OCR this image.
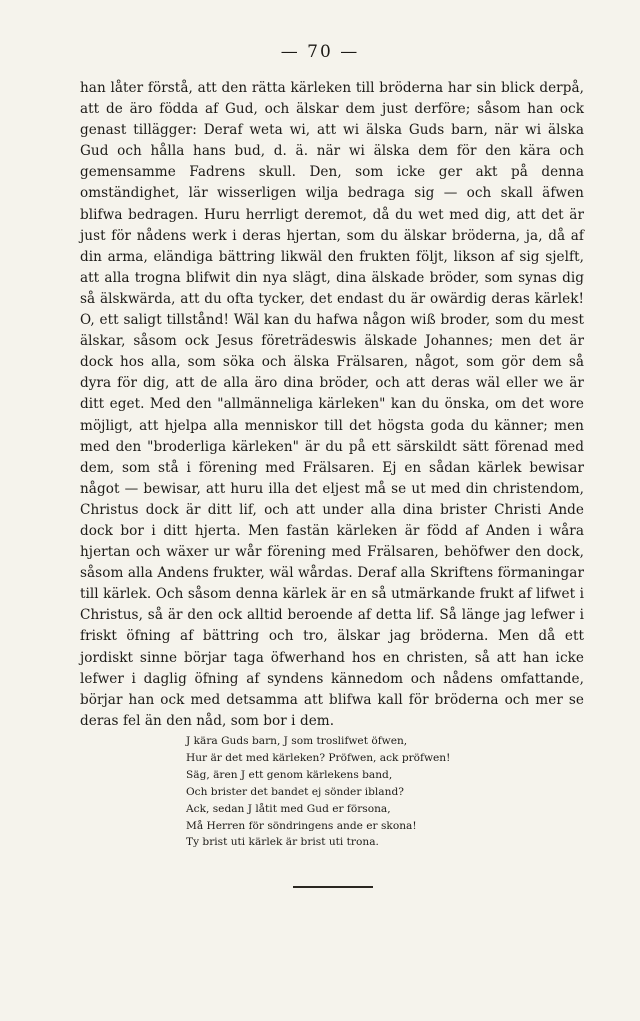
— 70 —

han låter förstå, att den rätta kärleken till bröderna har sin blick derpå, att de äro födda af Gud, och älskar dem just derföre; såsom han ock genast tillägger: Deraf weta wi, att wi älska Guds barn, när wi älska Gud och hålla hans bud, d. ä. när wi älska dem för den kära och gemensamme Fadrens skull. Den, som icke ger akt på denna omständighet, lär wisserligen wilja bedraga sig — och skall äfwen blifwa bedragen. Huru herrligt deremot, då du wet med dig, att det är just för nådens werk i deras hjertan, som du älskar bröderna, ja, då af din arma, eländiga bättring likwäl den frukten följt, likson af sig sjelft, att alla trogna blifwit din nya slägt, dina älskade bröder, som synas dig så älskwärda, att du ofta tycker, det endast du är owärdig deras kärlek! O, ett saligt tillstånd! Wäl kan du hafwa någon wiß broder, som du mest älskar, såsom ock Jesus företrädeswis älskade Johannes; men det är dock hos alla, som söka och älska Frälsaren, något, som gör dem så dyra för dig, att de alla äro dina bröder, och att deras wäl eller we är ditt eget. Med den "allmänneliga kärleken" kan du önska, om det wore möjligt, att hjelpa alla menniskor till det högsta goda du känner; men med den "broderliga kärleken" är du på ett särskildt sätt förenad med dem, som stå i förening med Frälsaren. Ej en sådan kärlek bewisar något — bewisar, att huru illa det eljest må se ut med din christendom, Christus dock är ditt lif, och att under alla dina brister Christi Ande dock bor i ditt hjerta. Men fastän kärleken är född af Anden i wåra hjertan och wäxer ur wår förening med Frälsaren, behöfwer den dock, såsom alla Andens frukter, wäl wårdas. Deraf alla Skriftens förmaningar till kärlek. Och såsom denna kärlek är en så utmärkande frukt af lifwet i Christus, så är den ock alltid beroende af detta lif. Så länge jag lefwer i friskt öfning af bättring och tro, älskar jag bröderna. Men då ett jordiskt sinne börjar taga öfwerhand hos en christen, så att han icke lefwer i daglig öfning af syndens kännedom och nådens omfattande, börjar han ock med detsamma att blifwa kall för bröderna och mer se deras fel än den nåd, som bor i dem.

J kära Guds barn, J som troslifwet öfwen,
Hur är det med kärleken? Pröfwen, ack pröfwen!
Säg, ären J ett genom kärlekens band,
Och brister det bandet ej sönder ibland?
Ack, sedan J låtit med Gud er försona,
Må Herren för söndringens ande er skona!
Ty brist uti kärlek är brist uti trona.
